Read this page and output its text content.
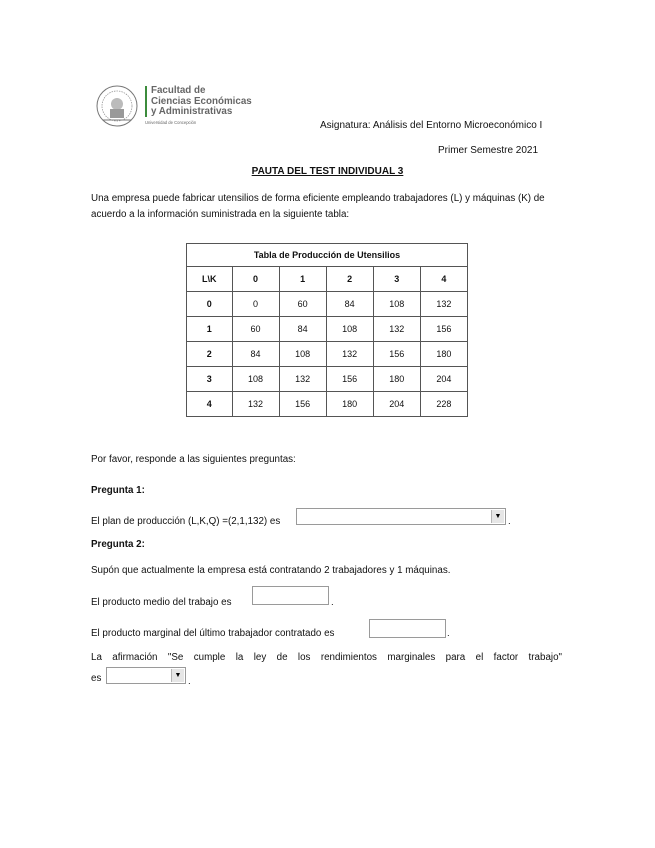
Facultad de
Ciencias Económicas
y Administrativas
Universidad de Concepción	Asignatura: Análisis del Entorno Microeconómico I
Primer Semestre 2021
PAUTA DEL TEST INDIVIDUAL 3
Una empresa puede fabricar utensilios de forma eficiente empleando trabajadores (L) y máquinas (K) de acuerdo a la información suministrada en la siguiente tabla:
Tabla de Producción de Utensilios					
L\K	0	1	2	3	4
0	0	60	84	108	132
1	60	84	108	132	156
2	84	108	132	156	180
3	108	132	156	180	204
4	132	156	180	204	228
Por favor, responde a las siguientes preguntas:
Pregunta 1:
El plan de producción (L,K,Q) =(2,1,132) es	▼ .
Pregunta 2:
Supón que actualmente la empresa está contratando 2 trabajadores y 1 máquinas.
El producto medio del trabajo es	.
El producto marginal del último trabajador contratado es	.
La afirmación "Se cumple la ley de los rendimientos marginales para el factor trabajo"
es	▼
.
